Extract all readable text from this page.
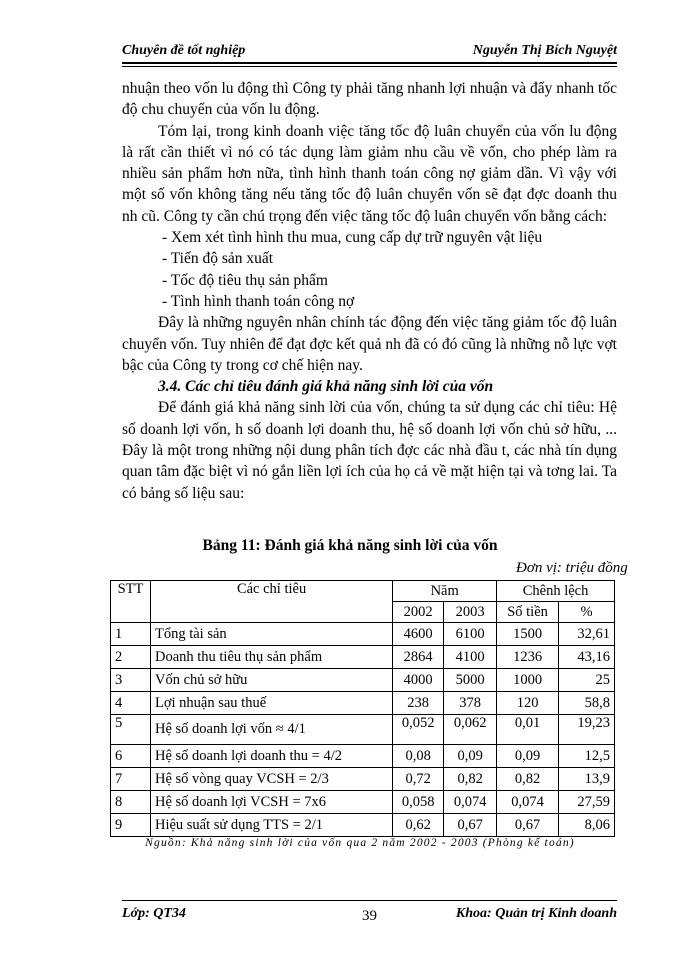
Chuyên đề tốt nghiệp	Nguyễn Thị Bích Nguyệt

nhuận theo vốn lu động thì Công ty phải tăng nhanh lợi nhuận và đẩy nhanh tốc độ chu chuyển của vốn lu động.

Tóm lại, trong kinh doanh việc tăng tốc độ luân chuyển của vốn lu động là rất cần thiết vì nó có tác dụng làm giảm nhu cầu về vốn, cho phép làm ra nhiều sản phẩm hơn nữa, tình hình thanh toán công nợ giảm dần. Vì vậy với một số vốn không tăng nếu tăng tốc độ luân chuyển vốn sẽ đạt đợc doanh thu nh cũ. Công ty cần chú trọng đến việc tăng tốc độ luân chuyển vốn bằng cách:

- Xem xét tình hình thu mua, cung cấp dự trữ nguyên vật liệu

- Tiến độ sản xuất

- Tốc độ tiêu thụ sản phẩm

- Tình hình thanh toán công nợ

Đây là những nguyên nhân chính tác động đến việc tăng giảm tốc độ luân chuyển vốn. Tuy nhiên để đạt đợc kết quả nh đã có đó cũng là những nỗ lực vợt bậc của Công ty trong cơ chế hiện nay.

3.4. Các chỉ tiêu đánh giá khả năng sinh lời của vốn

Để đánh giá khả năng sinh lời của vốn, chúng ta sử dụng các chỉ tiêu: Hệ số doanh lợi vốn, h số doanh lợi doanh thu, hệ số doanh lợi vốn chủ sở hữu, ... Đây là một trong những nội dung phân tích đợc các nhà đầu t, các nhà tín dụng quan tâm đặc biệt vì nó gắn liền lợi ích của họ cả về mặt hiện tại và tơng lai. Ta có bảng số liệu sau:

Bảng 11: Đánh giá khả năng sinh lời của vốn
Đơn vị: triệu đồng
STT	Các chỉ tiêu	Năm		Chênh lệch	
		2002	2003	Số tiền	%
1	Tổng tài sản	4600	6100	1500	32,61
2	Doanh thu tiêu thụ sản phẩm	2864	4100	1236	43,16
3	Vốn chủ sở hữu	4000	5000	1000	25
4	Lợi nhuận sau thuế	238	378	120	58,8
5	Hệ số doanh lợi vốn ≈ 4/1	0,052	0,062	0,01	19,23
6	Hệ số doanh lợi doanh thu = 4/2	0,08	0,09	0,09	12,5
7	Hệ số vòng quay VCSH = 2/3	0,72	0,82	0,82	13,9
8	Hệ số doanh lợi VCSH = 7x6	0,058	0,074	0,074	27,59
9	Hiệu suất sử dụng TTS = 2/1	0,62	0,67	0,67	8,06
Nguồn: Khả năng sinh lời của vốn qua 2 năm 2002 - 2003 (Phòng kế toán)
Lớp: QT34	39	Khoa: Quản trị Kinh doanh
